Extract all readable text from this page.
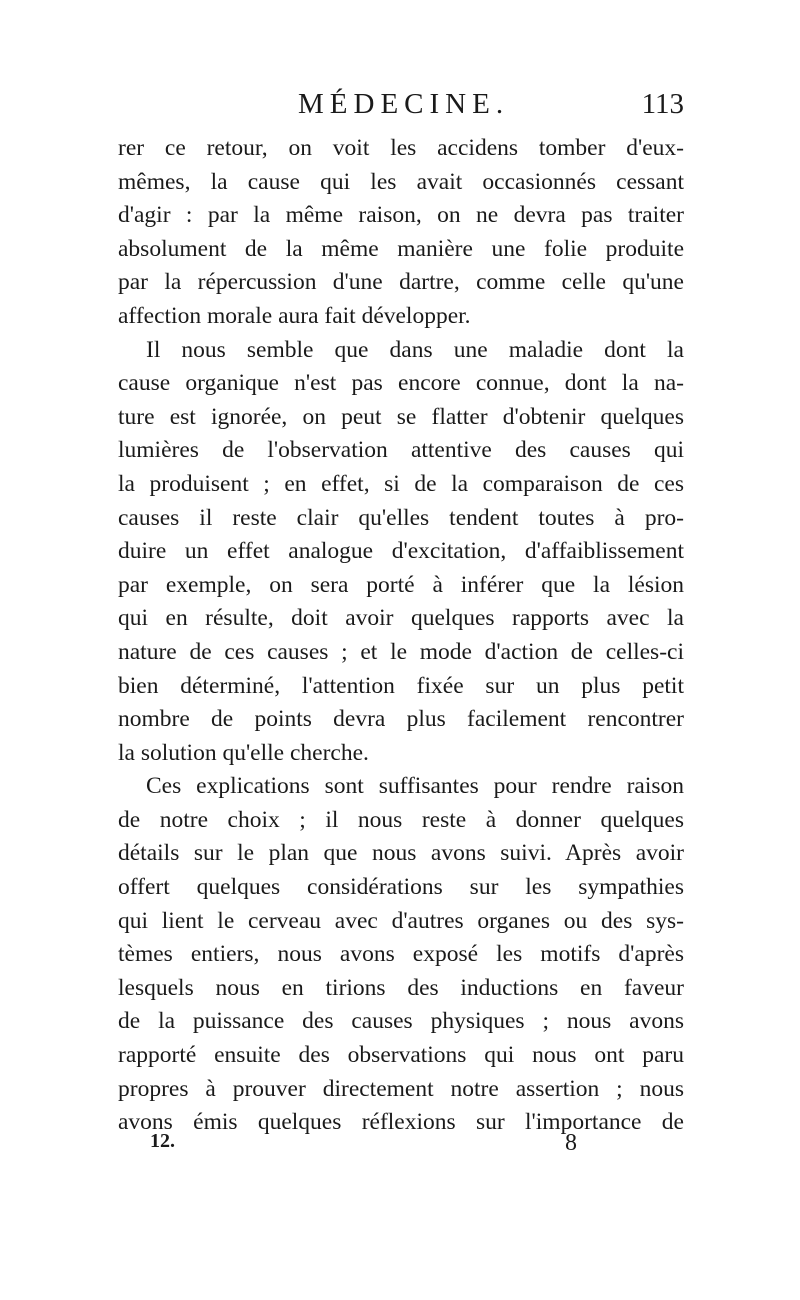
MÉDECINE.	113
rer ce retour, on voit les accidens tomber d'eux-
mêmes, la cause qui les avait occasionnés cessant
d'agir : par la même raison, on ne devra pas traiter
absolument de la même manière une folie produite
par la répercussion d'une dartre, comme celle qu'une
affection morale aura fait développer.
Il nous semble que dans une maladie dont la
cause organique n'est pas encore connue, dont la na-
ture est ignorée, on peut se flatter d'obtenir quelques
lumières de l'observation attentive des causes qui
la produisent ; en effet, si de la comparaison de ces
causes il reste clair qu'elles tendent toutes à pro-
duire un effet analogue d'excitation, d'affaiblissement
par exemple, on sera porté à inférer que la lésion
qui en résulte, doit avoir quelques rapports avec la
nature de ces causes ; et le mode d'action de celles-ci
bien déterminé, l'attention fixée sur un plus petit
nombre de points devra plus facilement rencontrer
la solution qu'elle cherche.
Ces explications sont suffisantes pour rendre raison
de notre choix ; il nous reste à donner quelques
détails sur le plan que nous avons suivi. Après avoir
offert quelques considérations sur les sympathies
qui lient le cerveau avec d'autres organes ou des sys-
tèmes entiers, nous avons exposé les motifs d'après
lesquels nous en tirions des inductions en faveur
de la puissance des causes physiques ; nous avons
rapporté ensuite des observations qui nous ont paru
propres à prouver directement notre assertion ; nous
avons émis quelques réflexions sur l'importance de
12.	8
